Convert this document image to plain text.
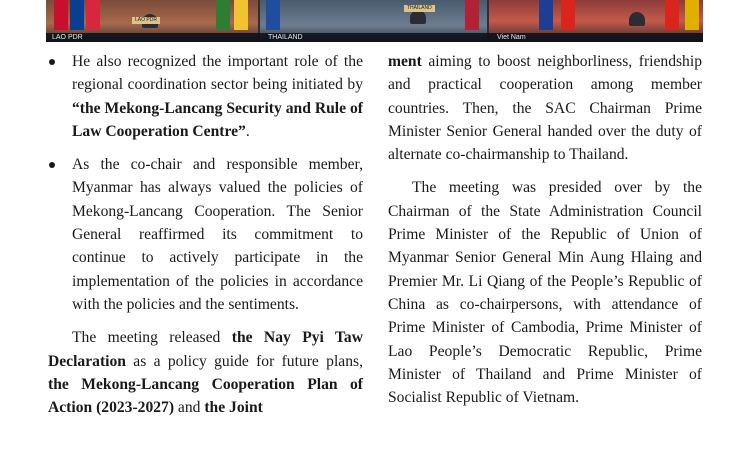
LAO PDR
THAILAND
LAO PDR	THAILAND	Viet Nam

He also recognized the important role of the regional coordination sector being initiated by “the Mekong-Lancang Security and Rule of Law Cooperation Centre”.

As the co-chair and responsible member, Myanmar has always valued the policies of Mekong-Lancang Cooperation. The Senior General reaffirmed its commitment to continue to actively participate in the implementation of the policies in accordance with the policies and the sentiments.

The meeting released the Nay Pyi Taw Declaration as a policy guide for future plans, the Mekong-Lancang Cooperation Plan of Action (2023-2027) and the Joint

ment aiming to boost neighborliness, friendship and practical cooperation among member countries. Then, the SAC Chairman Prime Minister Senior General handed over the duty of alternate co-chairmanship to Thailand.

The meeting was presided over by the Chairman of the State Administration Council Prime Minister of the Republic of Union of Myanmar Senior General Min Aung Hlaing and Premier Mr. Li Qiang of the People’s Republic of China as co-chairpersons, with attendance of Prime Minister of Cambodia, Prime Minister of Lao People’s Democratic Republic, Prime Minister of Thailand and Prime Minister of Socialist Republic of Vietnam.
